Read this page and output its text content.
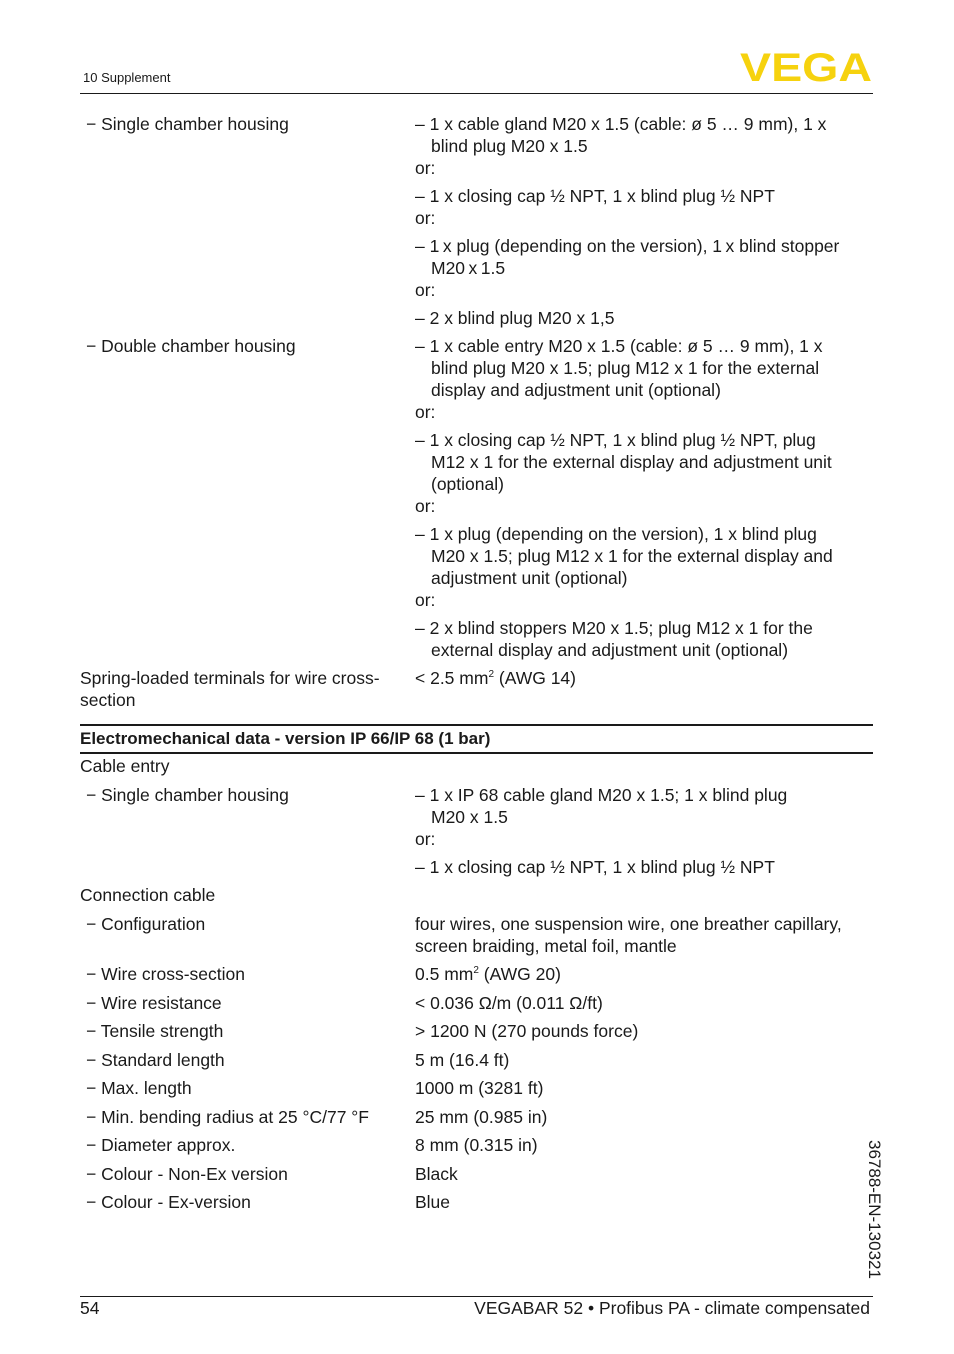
10 Supplement	VEGA
− Single chamber housing	– 1 x cable gland M20 x 1.5 (cable: ø 5 … 9 mm), 1 x
blind plug M20 x 1.5
or:
– 1 x closing cap ½ NPT, 1 x blind plug ½ NPT
or:
– 1 x plug (depending on the version), 1 x blind stopper
M20 x 1.5
or:
– 2 x blind plug M20 x 1,5
− Double chamber housing	– 1 x cable entry M20 x 1.5 (cable: ø 5 … 9 mm), 1 x
blind plug M20 x 1.5; plug M12 x 1 for the external
display and adjustment unit (optional)
or:
– 1 x closing cap ½ NPT, 1 x blind plug ½ NPT, plug
M12 x 1 for the external display and adjustment unit
(optional)
or:
– 1 x plug (depending on the version), 1 x blind plug
M20 x 1.5; plug M12 x 1 for the external display and
adjustment unit (optional)
or:
– 2 x blind stoppers M20 x 1.5; plug M12 x 1 for the
external display and adjustment unit (optional)
Spring-loaded terminals for wire cross-
section
< 2.5 $mm^2$ (AWG 14)
Electromechanical data - version IP 66/IP 68 (1 bar)
Cable entry
− Single chamber housing	– 1 x IP 68 cable gland M20 x 1.5; 1 x blind plug
M20 x 1.5
or:
– 1 x closing cap ½ NPT, 1 x blind plug ½ NPT
Connection cable
− Configuration	four wires, one suspension wire, one breather capillary,
screen braiding, metal foil, mantle
− Wire cross-section	0.5 $mm^2$ (AWG 20)
− Wire resistance	< 0.036 Ω/m (0.011 Ω/ft)
− Tensile strength	> 1200 N (270 pounds force)
− Standard length	5 m (16.4 ft)
− Max. length	1000 m (3281 ft)
− Min. bending radius at 25 °C/77 °F	25 mm (0.985 in)
− Diameter approx.	8 mm (0.315 in)
− Colour - Non-Ex version	Black
− Colour - Ex-version	Blue	36788-EN-130321
54	VEGABAR 52 • Profibus PA - climate compensated
